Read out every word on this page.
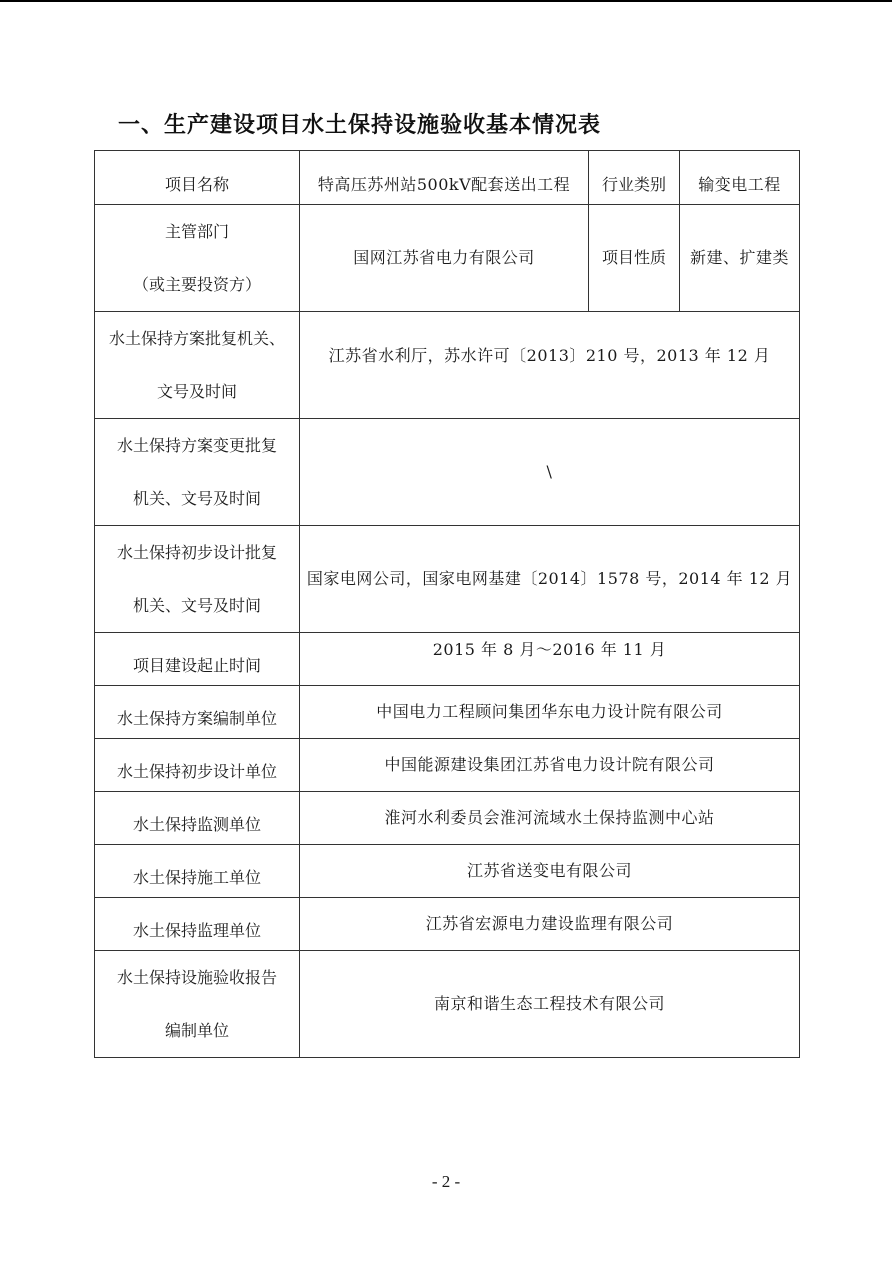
一、生产建设项目水土保持设施验收基本情况表
项目名称	特高压苏州站500kV配套送出工程	行业类别	输变电工程

主管部门
（或主要投资方）	国网江苏省电力有限公司	项目性质	新建、扩建类

水土保持方案批复机关、
文号及时间	江苏省水利厅，苏水许可〔2013〕210 号，2013 年 12 月		

水土保持方案变更批复
机关、文号及时间	\		

水土保持初步设计批复
机关、文号及时间	国家电网公司，国家电网基建〔2014〕1578 号，2014 年 12 月		
项目建设起止时间	2015 年 8 月～2016 年 11 月		
水土保持方案编制单位	中国电力工程顾问集团华东电力设计院有限公司		
水土保持初步设计单位	中国能源建设集团江苏省电力设计院有限公司		
水土保持监测单位	淮河水利委员会淮河流域水土保持监测中心站		
水土保持施工单位	江苏省送变电有限公司		
水土保持监理单位	江苏省宏源电力建设监理有限公司		

水土保持设施验收报告
编制单位	南京和谐生态工程技术有限公司		
- 2 -
